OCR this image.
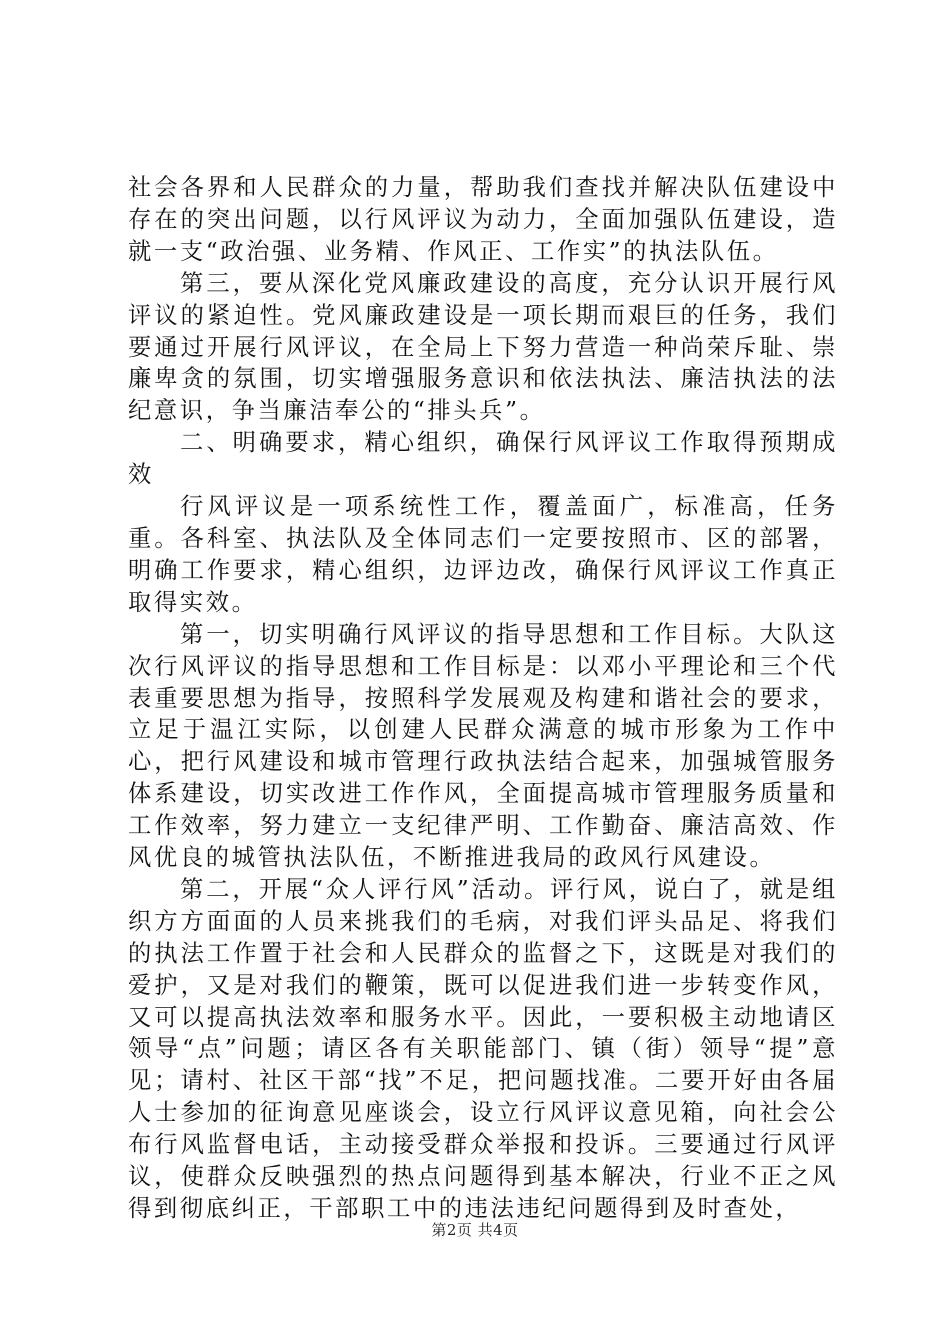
社会各界和人民群众的力量，帮助我们查找并解决队伍建设中存在的突出问题，以行风评议为动力，全面加强队伍建设，造就一支“政治强、业务精、作风正、工作实”的执法队伍。

第三，要从深化党风廉政建设的高度，充分认识开展行风评议的紧迫性。党风廉政建设是一项长期而艰巨的任务，我们要通过开展行风评议，在全局上下努力营造一种尚荣斥耻、崇廉卑贪的氛围，切实增强服务意识和依法执法、廉洁执法的法纪意识，争当廉洁奉公的“排头兵”。

二、明确要求，精心组织，确保行风评议工作取得预期成效

行风评议是一项系统性工作，覆盖面广，标准高，任务重。各科室、执法队及全体同志们一定要按照市、区的部署，明确工作要求，精心组织，边评边改，确保行风评议工作真正取得实效。

第一，切实明确行风评议的指导思想和工作目标。大队这次行风评议的指导思想和工作目标是：以邓小平理论和三个代表重要思想为指导，按照科学发展观及构建和谐社会的要求，立足于温江实际，以创建人民群众满意的城市形象为工作中心，把行风建设和城市管理行政执法结合起来，加强城管服务体系建设，切实改进工作作风，全面提高城市管理服务质量和工作效率，努力建立一支纪律严明、工作勤奋、廉洁高效、作风优良的城管执法队伍，不断推进我局的政风行风建设。

第二，开展“众人评行风”活动。评行风，说白了，就是组织方方面面的人员来挑我们的毛病，对我们评头品足、将我们的执法工作置于社会和人民群众的监督之下，这既是对我们的爱护，又是对我们的鞭策，既可以促进我们进一步转变作风，又可以提高执法效率和服务水平。因此，一要积极主动地请区领导“点”问题；请区各有关职能部门、镇（街）领导“提”意见；请村、社区干部“找”不足，把问题找准。二要开好由各届人士参加的征询意见座谈会，设立行风评议意见箱，向社会公布行风监督电话，主动接受群众举报和投诉。三要通过行风评议，使群众反映强烈的热点问题得到基本解决，行业不正之风得到彻底纠正，干部职工中的违法违纪问题得到及时查处，

第2页 共4页
